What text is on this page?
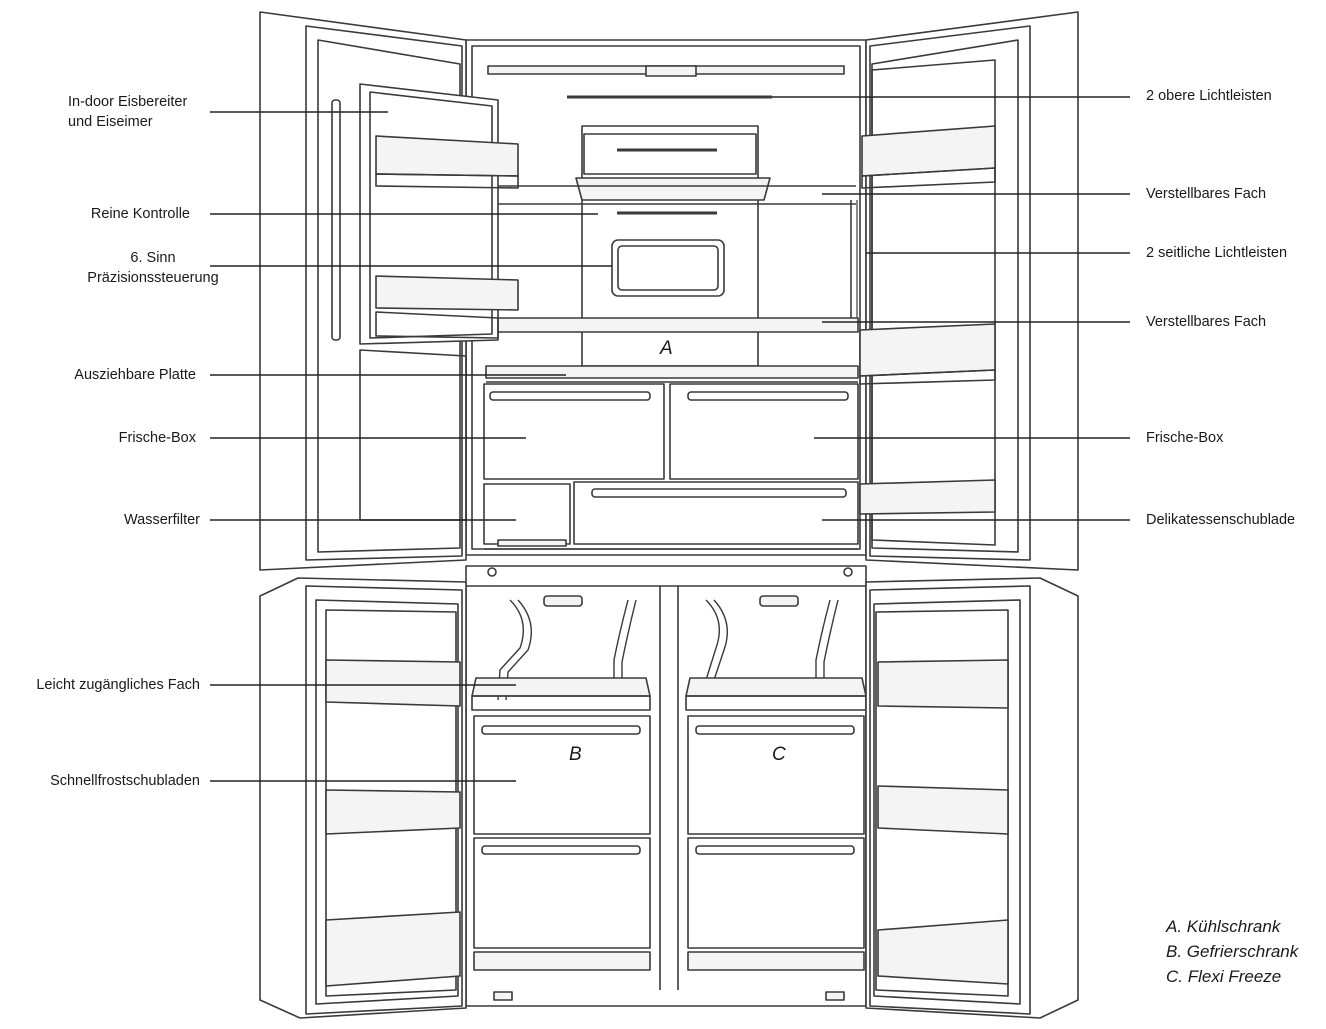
In-door Eisbereiter
und Eiseimer
Reine Kontrolle
6. Sinn
Präzisionssteuerung
Ausziehbare Platte
Frische-Box
Wasserfilter
Leicht zugängliches Fach
Schnellfrostschubladen
2 obere Lichtleisten
Verstellbares Fach
2 seitliche Lichtleisten
Verstellbares Fach
Frische-Box
Delikatessenschublade
A
B	C
A. Kühlschrank
B. Gefrierschrank
C. Flexi Freeze
